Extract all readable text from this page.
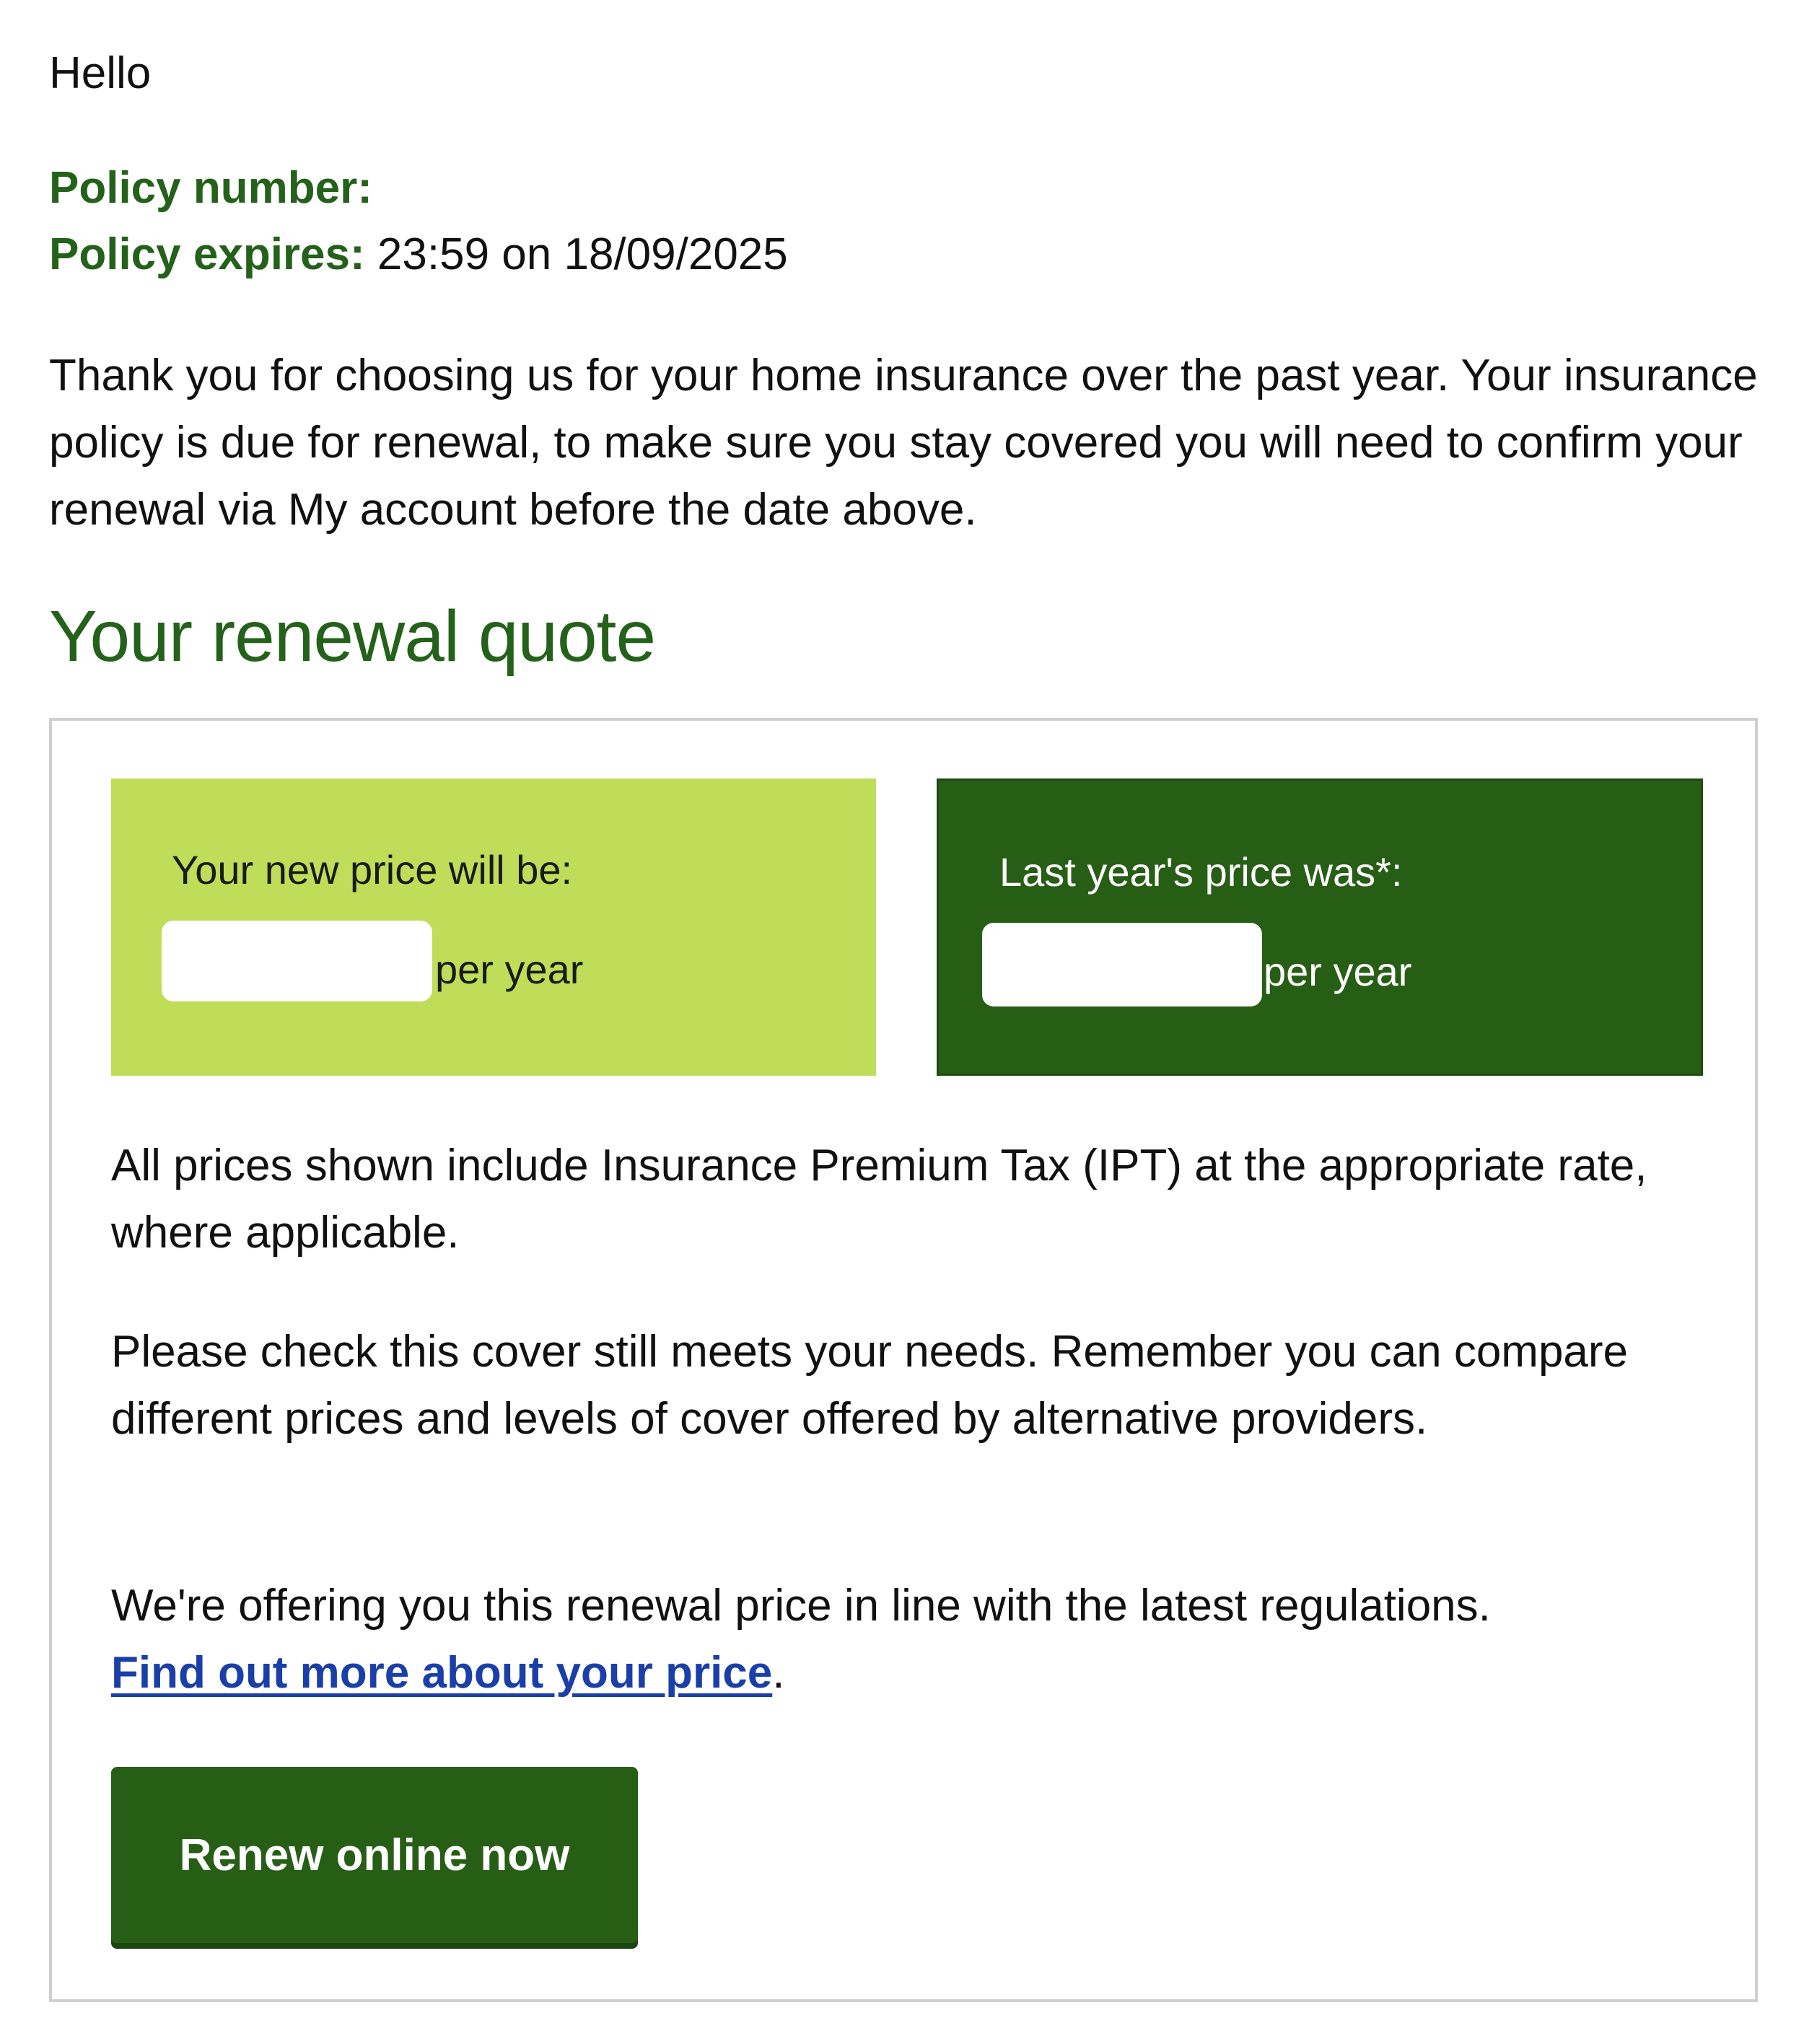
Hello

Policy number:
Policy expires: 23:59 on 18/09/2025

Thank you for choosing us for your home insurance over the past year. Your insurance policy is due for renewal, to make sure you stay covered you will need to confirm your renewal via My account before the date above.

Your renewal quote
Your new price will be:
per year
Last year's price was*:
per year

All prices shown include Insurance Premium Tax (IPT) at the appropriate rate, where applicable.

Please check this cover still meets your needs. Remember you can compare different prices and levels of cover offered by alternative providers.

We're offering you this renewal price in line with the latest regulations.
Find out more about your price.

Renew online now
